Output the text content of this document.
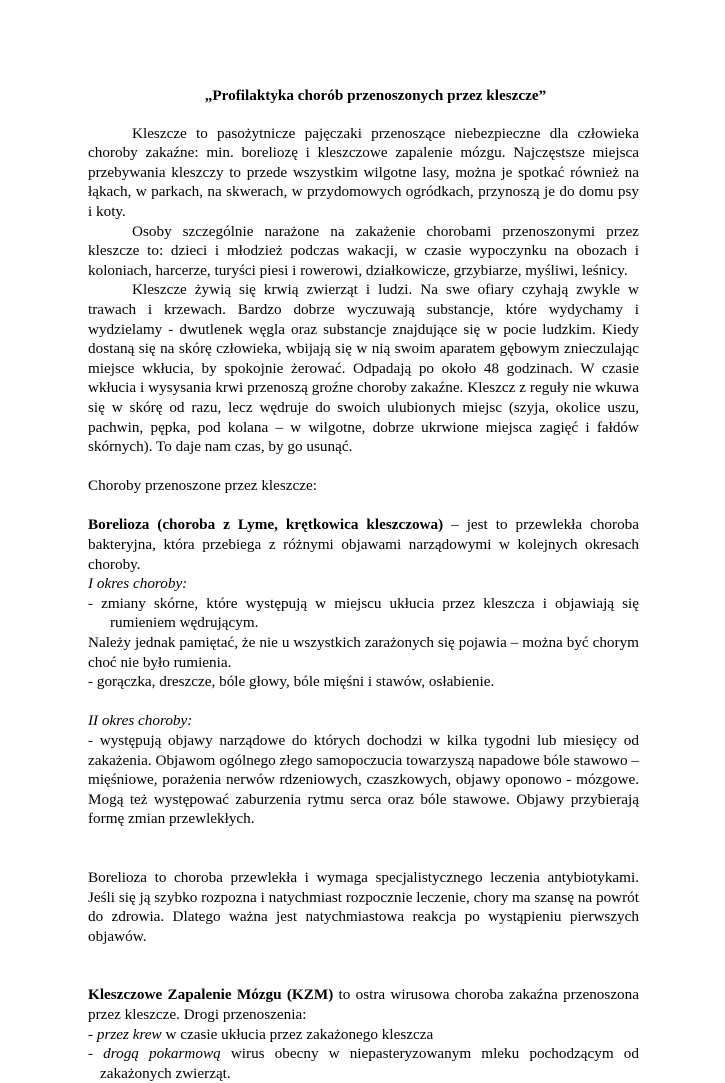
„Profilaktyka chorób przenoszonych przez kleszcze”

Kleszcze to pasożytnicze pajęczaki przenoszące niebezpieczne dla człowieka choroby zakaźne: min. boreliozę i kleszczowe zapalenie mózgu. Najczęstsze miejsca przebywania kleszczy to przede wszystkim wilgotne lasy, można je spotkać również na łąkach, w parkach, na skwerach, w przydomowych ogródkach, przynoszą je do domu psy i koty.

Osoby szczególnie narażone na zakażenie chorobami przenoszonymi przez kleszcze to: dzieci i młodzież podczas wakacji, w czasie wypoczynku na obozach i koloniach, harcerze, turyści piesi i rowerowi, działkowicze, grzybiarze, myśliwi, leśnicy.

Kleszcze żywią się krwią zwierząt i ludzi. Na swe ofiary czyhają zwykle w trawach i krzewach. Bardzo dobrze wyczuwają substancje, które wydychamy i wydzielamy - dwutlenek węgla oraz substancje znajdujące się w pocie ludzkim. Kiedy dostaną się na skórę człowieka, wbijają się w nią swoim aparatem gębowym znieczulając miejsce wkłucia, by spokojnie żerować. Odpadają po około 48 godzinach. W czasie wkłucia i wysysania krwi przenoszą groźne choroby zakaźne. Kleszcz z reguły nie wkuwa się w skórę od razu, lecz wędruje do swoich ulubionych miejsc (szyja, okolice uszu, pachwin, pępka, pod kolana – w wilgotne, dobrze ukrwione miejsca zagięć i fałdów skórnych). To daje nam czas, by go usunąć.

Choroby przenoszone przez kleszcze:

Borelioza (choroba z Lyme, krętkowica kleszczowa) – jest to przewlekła choroba bakteryjna, która przebiega z różnymi objawami narządowymi w kolejnych okresach choroby.

I okres choroby:

- zmiany skórne, które występują w miejscu ukłucia przez kleszcza i objawiają się rumieniem wędrującym.

Należy jednak pamiętać, że nie u wszystkich zarażonych się pojawia – można być chorym choć nie było rumienia.

- gorączka, dreszcze, bóle głowy, bóle mięśni i stawów, osłabienie.

II okres choroby:

- występują objawy narządowe do których dochodzi w kilka tygodni lub miesięcy od zakażenia. Objawom ogólnego złego samopoczucia towarzyszą napadowe bóle stawowo – mięśniowe, porażenia nerwów rdzeniowych, czaszkowych, objawy oponowo - mózgowe. Mogą też występować zaburzenia rytmu serca oraz bóle stawowe. Objawy przybierają formę zmian przewlekłych.

Borelioza to choroba przewlekła i wymaga specjalistycznego leczenia antybiotykami. Jeśli się ją szybko rozpozna i natychmiast rozpocznie leczenie, chory ma szansę na powrót do zdrowia. Dlatego ważna jest natychmiastowa reakcja po wystąpieniu pierwszych objawów.

Kleszczowe Zapalenie Mózgu (KZM) to ostra wirusowa choroba zakaźna przenoszona przez kleszcze. Drogi przenoszenia:

- przez krew w czasie ukłucia przez zakażonego kleszcza

- drogą pokarmową wirus obecny w niepasteryzowanym mleku pochodzącym od zakażonych zwierząt.
